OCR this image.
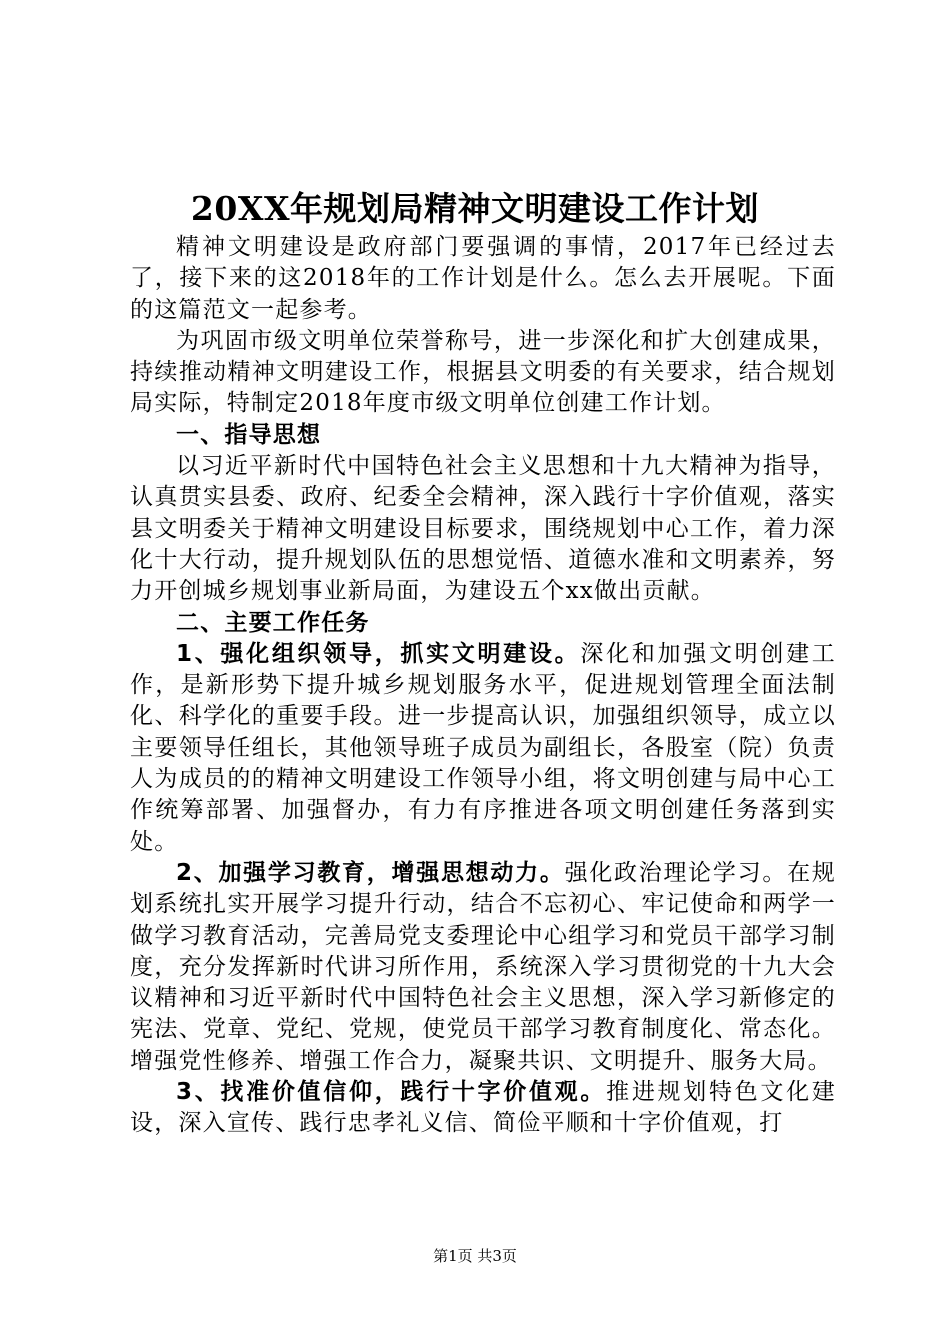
20XX年规划局精神文明建设工作计划

精神文明建设是政府部门要强调的事情，2017年已经过去了，接下来的这2018年的工作计划是什么。怎么去开展呢。下面的这篇范文一起参考。

为巩固市级文明单位荣誉称号，进一步深化和扩大创建成果，持续推动精神文明建设工作，根据县文明委的有关要求，结合规划局实际，特制定2018年度市级文明单位创建工作计划。

一、指导思想

以习近平新时代中国特色社会主义思想和十九大精神为指导，认真贯实县委、政府、纪委全会精神，深入践行十字价值观，落实县文明委关于精神文明建设目标要求，围绕规划中心工作，着力深化十大行动，提升规划队伍的思想觉悟、道德水准和文明素养，努力开创城乡规划事业新局面，为建设五个xx做出贡献。

二、主要工作任务

1、强化组织领导，抓实文明建设。深化和加强文明创建工作，是新形势下提升城乡规划服务水平，促进规划管理全面法制化、科学化的重要手段。进一步提高认识，加强组织领导，成立以主要领导任组长，其他领导班子成员为副组长，各股室（院）负责人为成员的的精神文明建设工作领导小组，将文明创建与局中心工作统筹部署、加强督办，有力有序推进各项文明创建任务落到实处。

2、加强学习教育，增强思想动力。强化政治理论学习。在规划系统扎实开展学习提升行动，结合不忘初心、牢记使命和两学一做学习教育活动，完善局党支委理论中心组学习和党员干部学习制度，充分发挥新时代讲习所作用，系统深入学习贯彻党的十九大会议精神和习近平新时代中国特色社会主义思想，深入学习新修定的宪法、党章、党纪、党规，使党员干部学习教育制度化、常态化。增强党性修养、增强工作合力，凝聚共识、文明提升、服务大局。

3、找准价值信仰，践行十字价值观。推进规划特色文化建设，深入宣传、践行忠孝礼义信、简俭平顺和十字价值观，打

第1页 共3页
